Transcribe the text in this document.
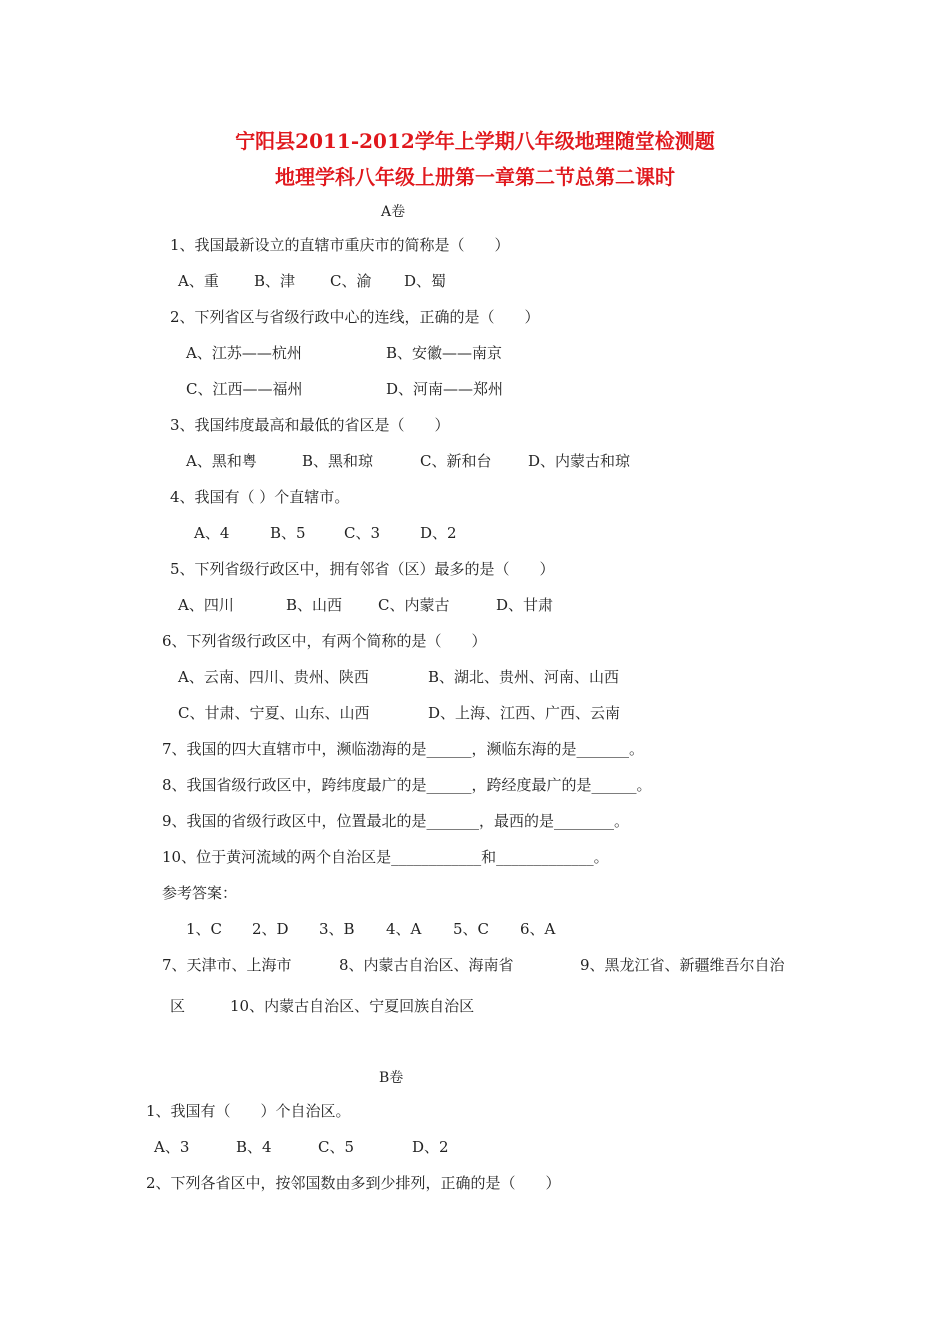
宁阳县2011-2012学年上学期八年级地理随堂检测题
地理学科八年级上册第一章第二节总第二课时
A卷
1、我国最新设立的直辖市重庆市的简称是（　　）
A、重 B、津 C、渝 D、蜀
2、下列省区与省级行政中心的连线，正确的是（　　）
A、江苏——杭州	B、安徽——南京
C、江西——福州	D、河南——郑州
3、我国纬度最高和最低的省区是（　　）
A、黑和粤	B、黑和琼	C、新和台 D、内蒙古和琼
4、我国有（ ）个直辖市。
A、4	B、5	C、3	D、2
5、下列省级行政区中，拥有邻省（区）最多的是（　　）
A、四川	B、山西 C、内蒙古	D、甘肃
6、下列省级行政区中，有两个简称的是（　　）
A、云南、四川、贵州、陕西	B、湖北、贵州、河南、山西
C、甘肃、宁夏、山东、山西	D、上海、江西、广西、云南
7、我国的四大直辖市中，濒临渤海的是______，濒临东海的是_______。
8、我国省级行政区中，跨纬度最广的是______，跨经度最广的是______。
9、我国的省级行政区中，位置最北的是_______，最西的是________。
10、位于黄河流域的两个自治区是____________和_____________。
参考答案：
1、C 2、D 3、B 4、A 5、C 6、A
7、天津市、上海市	8、内蒙古自治区、海南省	9、黑龙江省、新疆维吾尔自治
区	10、内蒙古自治区、宁夏回族自治区
B卷
1、我国有（　　）个自治区。
A、3	B、4	C、5	D、2
2、下列各省区中，按邻国数由多到少排列，正确的是（　　）
